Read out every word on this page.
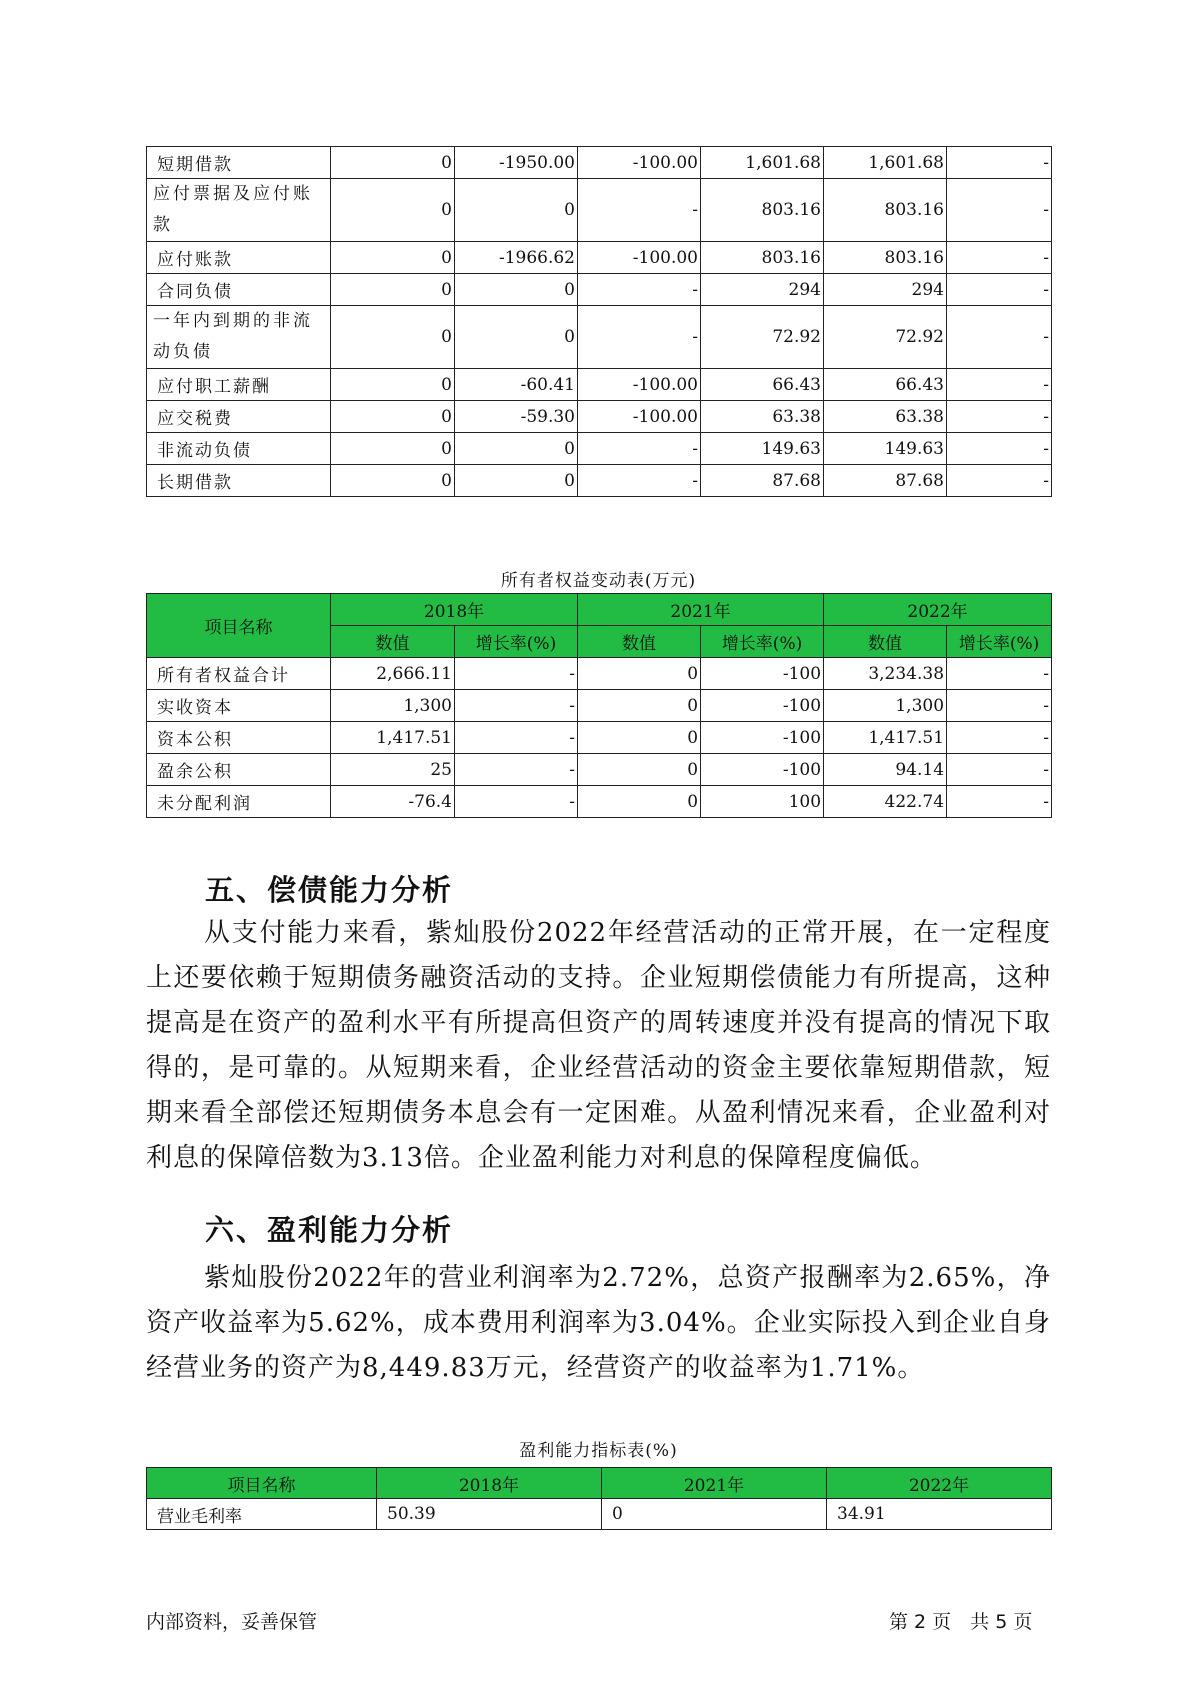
短期借款	0	-1950.00	-100.00	1,601.68	1,601.68	-
应付票据及应付账款	0	0	-	803.16	803.16	-
应付账款	0	-1966.62	-100.00	803.16	803.16	-
合同负债	0	0	-	294	294	-
一年内到期的非流动负债	0	0	-	72.92	72.92	-
应付职工薪酬	0	-60.41	-100.00	66.43	66.43	-
应交税费	0	-59.30	-100.00	63.38	63.38	-
非流动负债	0	0	-	149.63	149.63	-
长期借款	0	0	-	87.68	87.68	-
所有者权益变动表(万元)
项目名称	2018年		2021年		2022年	
	数值	增长率(%)	数值	增长率(%)	数值	增长率(%)
所有者权益合计	2,666.11	-	0	-100	3,234.38	-
实收资本	1,300	-	0	-100	1,300	-
资本公积	1,417.51	-	0	-100	1,417.51	-
盈余公积	25	-	0	-100	94.14	-
未分配利润	-76.4	-	0	100	422.74	-
五、偿债能力分析

从支付能力来看，紫灿股份2022年经营活动的正常开展，在一定程度上还要依赖于短期债务融资活动的支持。企业短期偿债能力有所提高，这种提高是在资产的盈利水平有所提高但资产的周转速度并没有提高的情况下取得的，是可靠的。从短期来看，企业经营活动的资金主要依靠短期借款，短期来看全部偿还短期债务本息会有一定困难。从盈利情况来看，企业盈利对利息的保障倍数为3.13倍。企业盈利能力对利息的保障程度偏低。

六、盈利能力分析

紫灿股份2022年的营业利润率为2.72%，总资产报酬率为2.65%，净资产收益率为5.62%，成本费用利润率为3.04%。企业实际投入到企业自身经营业务的资产为8,449.83万元，经营资产的收益率为1.71%。

盈利能力指标表(%)
项目名称	2018年	2021年	2022年
营业毛利率	50.39	0	34.91
内部资料，妥善保管	第 2 页　共 5 页
